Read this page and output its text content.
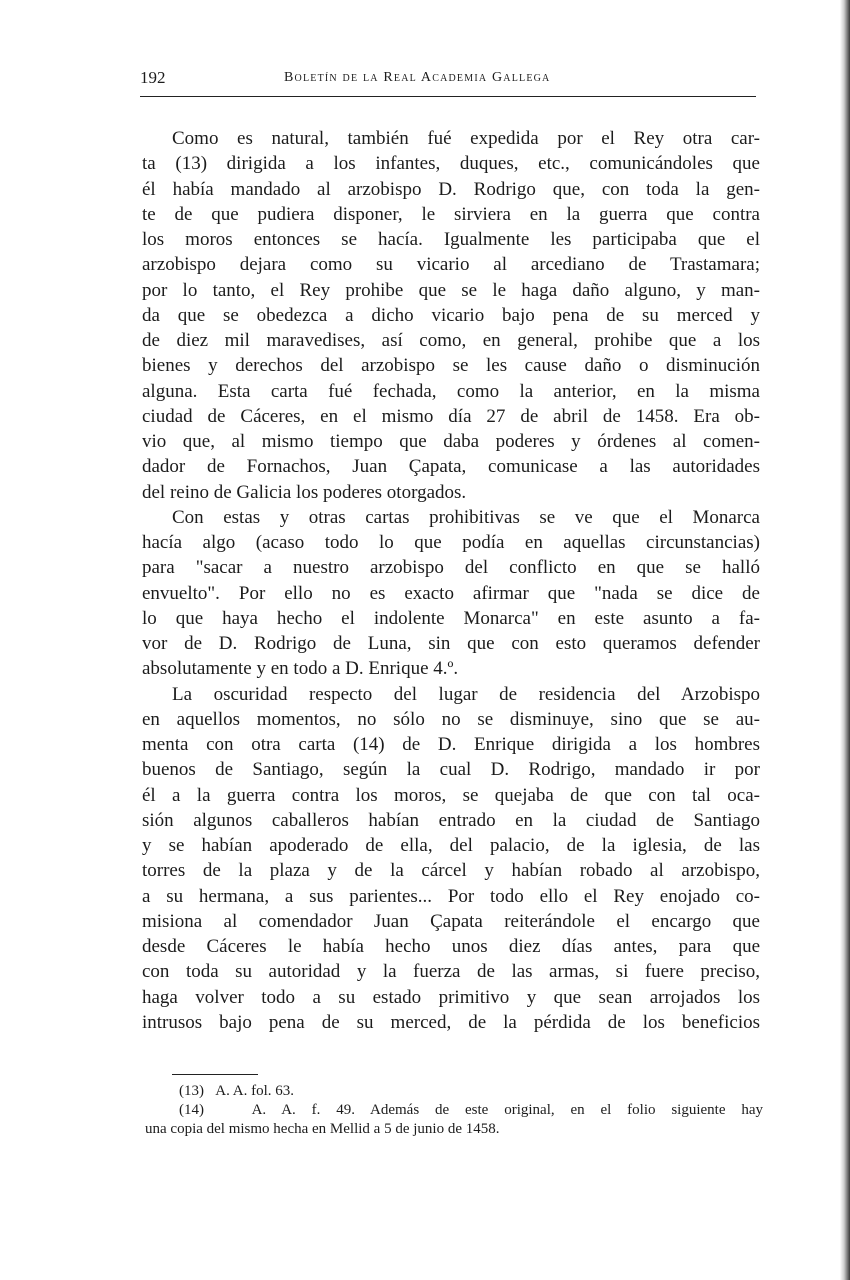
192	Boletín de la Real Academia Gallega
Como es natural, también fué expedida por el Rey otra car-
ta (13) dirigida a los infantes, duques, etc., comunicándoles que
él había mandado al arzobispo D. Rodrigo que, con toda la gen-
te de que pudiera disponer, le sirviera en la guerra que contra
los moros entonces se hacía. Igualmente les participaba que el
arzobispo dejara como su vicario al arcediano de Trastamara;
por lo tanto, el Rey prohibe que se le haga daño alguno, y man-
da que se obedezca a dicho vicario bajo pena de su merced y
de diez mil maravedises, así como, en general, prohibe que a los
bienes y derechos del arzobispo se les cause daño o disminución
alguna. Esta carta fué fechada, como la anterior, en la misma
ciudad de Cáceres, en el mismo día 27 de abril de 1458. Era ob-
vio que, al mismo tiempo que daba poderes y órdenes al comen-
dador de Fornachos, Juan Çapata, comunicase a las autoridades
del reino de Galicia los poderes otorgados.
Con estas y otras cartas prohibitivas se ve que el Monarca
hacía algo (acaso todo lo que podía en aquellas circunstancias)
para "sacar a nuestro arzobispo del conflicto en que se halló
envuelto". Por ello no es exacto afirmar que "nada se dice de
lo que haya hecho el indolente Monarca" en este asunto a fa-
vor de D. Rodrigo de Luna, sin que con esto queramos defender
absolutamente y en todo a D. Enrique 4.º.
La oscuridad respecto del lugar de residencia del Arzobispo
en aquellos momentos, no sólo no se disminuye, sino que se au-
menta con otra carta (14) de D. Enrique dirigida a los hombres
buenos de Santiago, según la cual D. Rodrigo, mandado ir por
él a la guerra contra los moros, se quejaba de que con tal oca-
sión algunos caballeros habían entrado en la ciudad de Santiago
y se habían apoderado de ella, del palacio, de la iglesia, de las
torres de la plaza y de la cárcel y habían robado al arzobispo,
a su hermana, a sus parientes... Por todo ello el Rey enojado co-
misiona al comendador Juan Çapata reiterándole el encargo que
desde Cáceres le había hecho unos diez días antes, para que
con toda su autoridad y la fuerza de las armas, si fuere preciso,
haga volver todo a su estado primitivo y que sean arrojados los
intrusos bajo pena de su merced, de la pérdida de los beneficios
(13) A. A. fol. 63.
(14)	A. A. f. 49. Además de este original, en el folio siguiente hay
una copia del mismo hecha en Mellid a 5 de junio de 1458.
